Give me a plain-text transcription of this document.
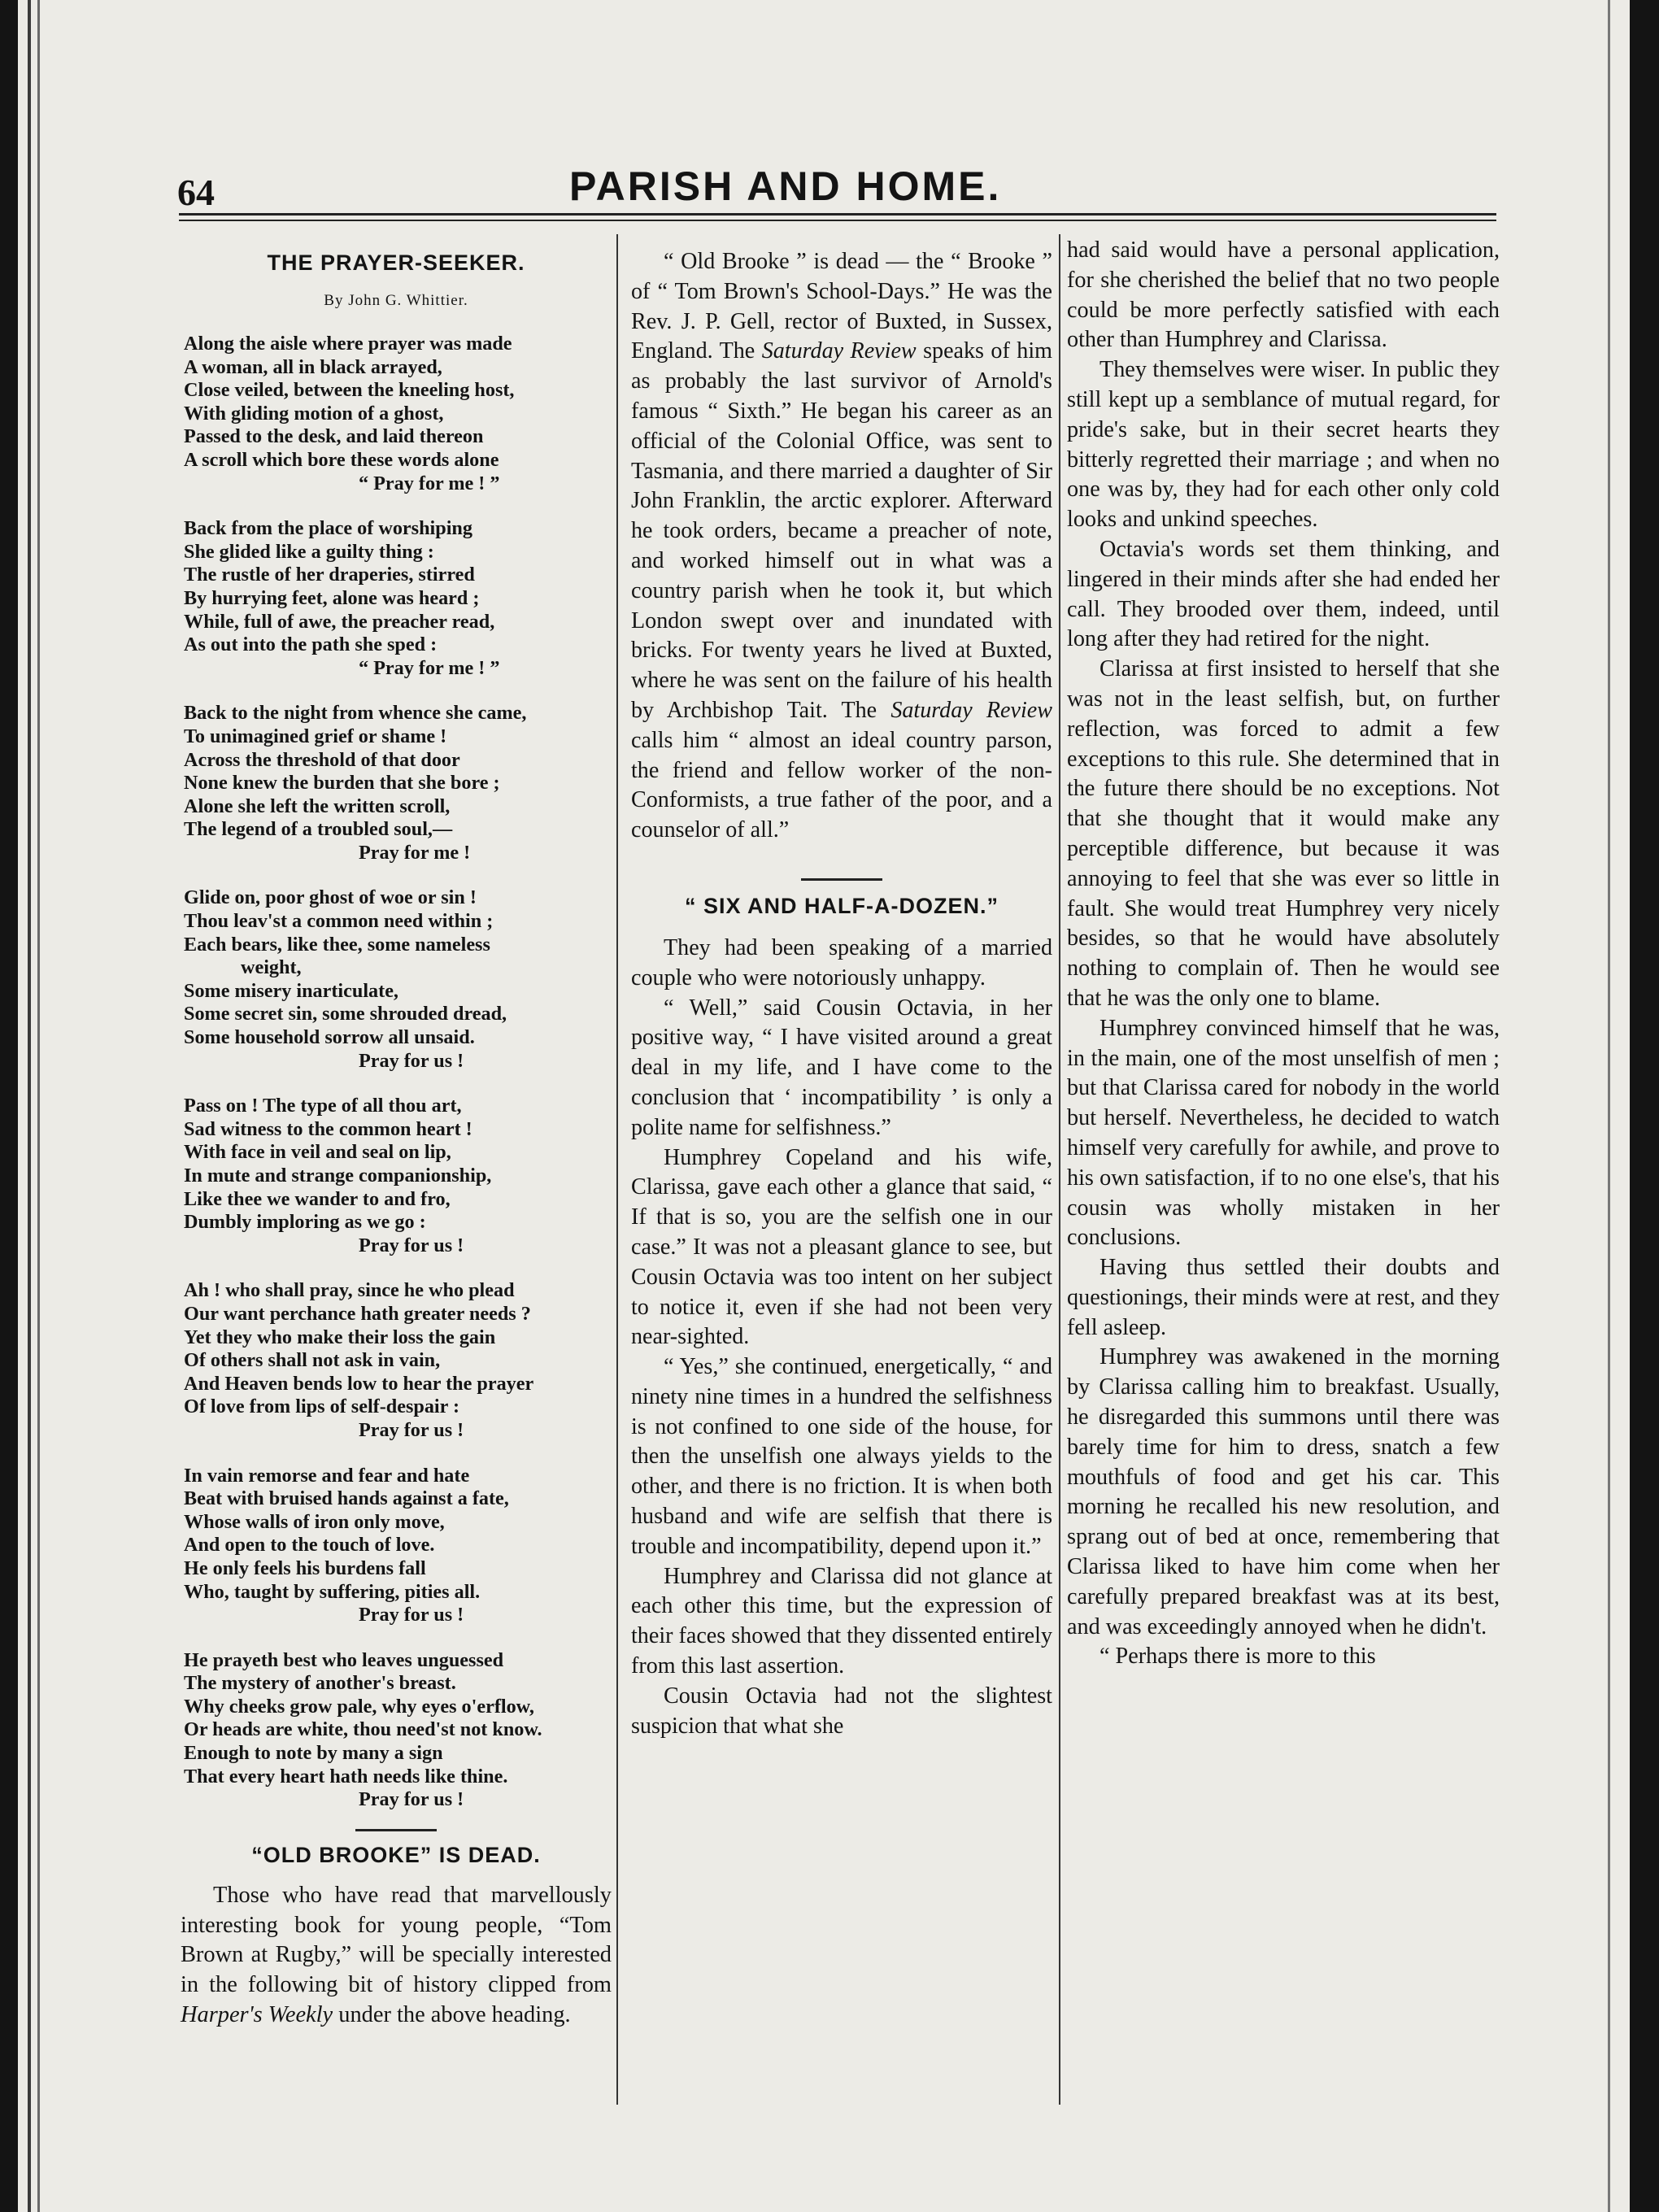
64	PARISH AND HOME.
THE PRAYER-SEEKER.
By John G. Whittier.
Along the aisle where prayer was made
A woman, all in black arrayed,
Close veiled, between the kneeling host,
With gliding motion of a ghost,
Passed to the desk, and laid thereon
A scroll which bore these words alone
“ Pray for me ! ”
Back from the place of worshiping
She glided like a guilty thing :
The rustle of her draperies, stirred
By hurrying feet, alone was heard ;
While, full of awe, the preacher read,
As out into the path she sped :
“ Pray for me ! ”
Back to the night from whence she came,
To unimagined grief or shame !
Across the threshold of that door
None knew the burden that she bore ;
Alone she left the written scroll,
The legend of a troubled soul,—
Pray for me !
Glide on, poor ghost of woe or sin !
Thou leav'st a common need within ;
Each bears, like thee, some nameless
weight,
Some misery inarticulate,
Some secret sin, some shrouded dread,
Some household sorrow all unsaid.
Pray for us !
Pass on ! The type of all thou art,
Sad witness to the common heart !
With face in veil and seal on lip,
In mute and strange companionship,
Like thee we wander to and fro,
Dumbly imploring as we go :
Pray for us !
Ah ! who shall pray, since he who plead
Our want perchance hath greater needs ?
Yet they who make their loss the gain
Of others shall not ask in vain,
And Heaven bends low to hear the prayer
Of love from lips of self-despair :
Pray for us !
In vain remorse and fear and hate
Beat with bruised hands against a fate,
Whose walls of iron only move,
And open to the touch of love.
He only feels his burdens fall
Who, taught by suffering, pities all.
Pray for us !
He prayeth best who leaves unguessed
The mystery of another's breast.
Why cheeks grow pale, why eyes o'erflow,
Or heads are white, thou need'st not know.
Enough to note by many a sign
That every heart hath needs like thine.
Pray for us !
“OLD BROOKE” IS DEAD.

Those who have read that marvellously interesting book for young people, “Tom Brown at Rugby,” will be specially interested in the following bit of history clipped from Harper's Weekly under the above heading.

“ Old Brooke ” is dead — the “ Brooke ” of “ Tom Brown's School-Days.” He was the Rev. J. P. Gell, rector of Buxted, in Sussex, England. The Saturday Review speaks of him as probably the last survivor of Arnold's famous “ Sixth.” He began his career as an official of the Colonial Office, was sent to Tasmania, and there married a daughter of Sir John Franklin, the arctic explorer. Afterward he took orders, became a preacher of note, and worked himself out in what was a country parish when he took it, but which London swept over and inundated with bricks. For twenty years he lived at Buxted, where he was sent on the failure of his health by Archbishop Tait. The Saturday Review calls him “ almost an ideal country parson, the friend and fellow worker of the non-Conformists, a true father of the poor, and a counselor of all.”

“ SIX AND HALF-A-DOZEN.”

They had been speaking of a married couple who were notoriously unhappy.

“ Well,” said Cousin Octavia, in her positive way, “ I have visited around a great deal in my life, and I have come to the conclusion that ‘ incompatibility ’ is only a polite name for selfishness.”

Humphrey Copeland and his wife, Clarissa, gave each other a glance that said, “ If that is so, you are the selfish one in our case.” It was not a pleasant glance to see, but Cousin Octavia was too intent on her subject to notice it, even if she had not been very near-sighted.

“ Yes,” she continued, energetically, “ and ninety nine times in a hundred the selfishness is not confined to one side of the house, for then the unselfish one always yields to the other, and there is no friction. It is when both husband and wife are selfish that there is trouble and incompatibility, depend upon it.”

Humphrey and Clarissa did not glance at each other this time, but the expression of their faces showed that they dissented entirely from this last assertion.

Cousin Octavia had not the slightest suspicion that what she

had said would have a personal application, for she cherished the belief that no two people could be more perfectly satisfied with each other than Humphrey and Clarissa.

They themselves were wiser. In public they still kept up a semblance of mutual regard, for pride's sake, but in their secret hearts they bitterly regretted their marriage ; and when no one was by, they had for each other only cold looks and unkind speeches.

Octavia's words set them thinking, and lingered in their minds after she had ended her call. They brooded over them, indeed, until long after they had retired for the night.

Clarissa at first insisted to herself that she was not in the least selfish, but, on further reflection, was forced to admit a few exceptions to this rule. She determined that in the future there should be no exceptions. Not that she thought that it would make any perceptible difference, but because it was annoying to feel that she was ever so little in fault. She would treat Humphrey very nicely besides, so that he would have absolutely nothing to complain of. Then he would see that he was the only one to blame.

Humphrey convinced himself that he was, in the main, one of the most unselfish of men ; but that Clarissa cared for nobody in the world but herself. Nevertheless, he decided to watch himself very carefully for awhile, and prove to his own satisfaction, if to no one else's, that his cousin was wholly mistaken in her conclusions.

Having thus settled their doubts and questionings, their minds were at rest, and they fell asleep.

Humphrey was awakened in the morning by Clarissa calling him to breakfast. Usually, he disregarded this summons until there was barely time for him to dress, snatch a few mouthfuls of food and get his car. This morning he recalled his new resolution, and sprang out of bed at once, remembering that Clarissa liked to have him come when her carefully prepared breakfast was at its best, and was exceedingly annoyed when he didn't.

“ Perhaps there is more to this
